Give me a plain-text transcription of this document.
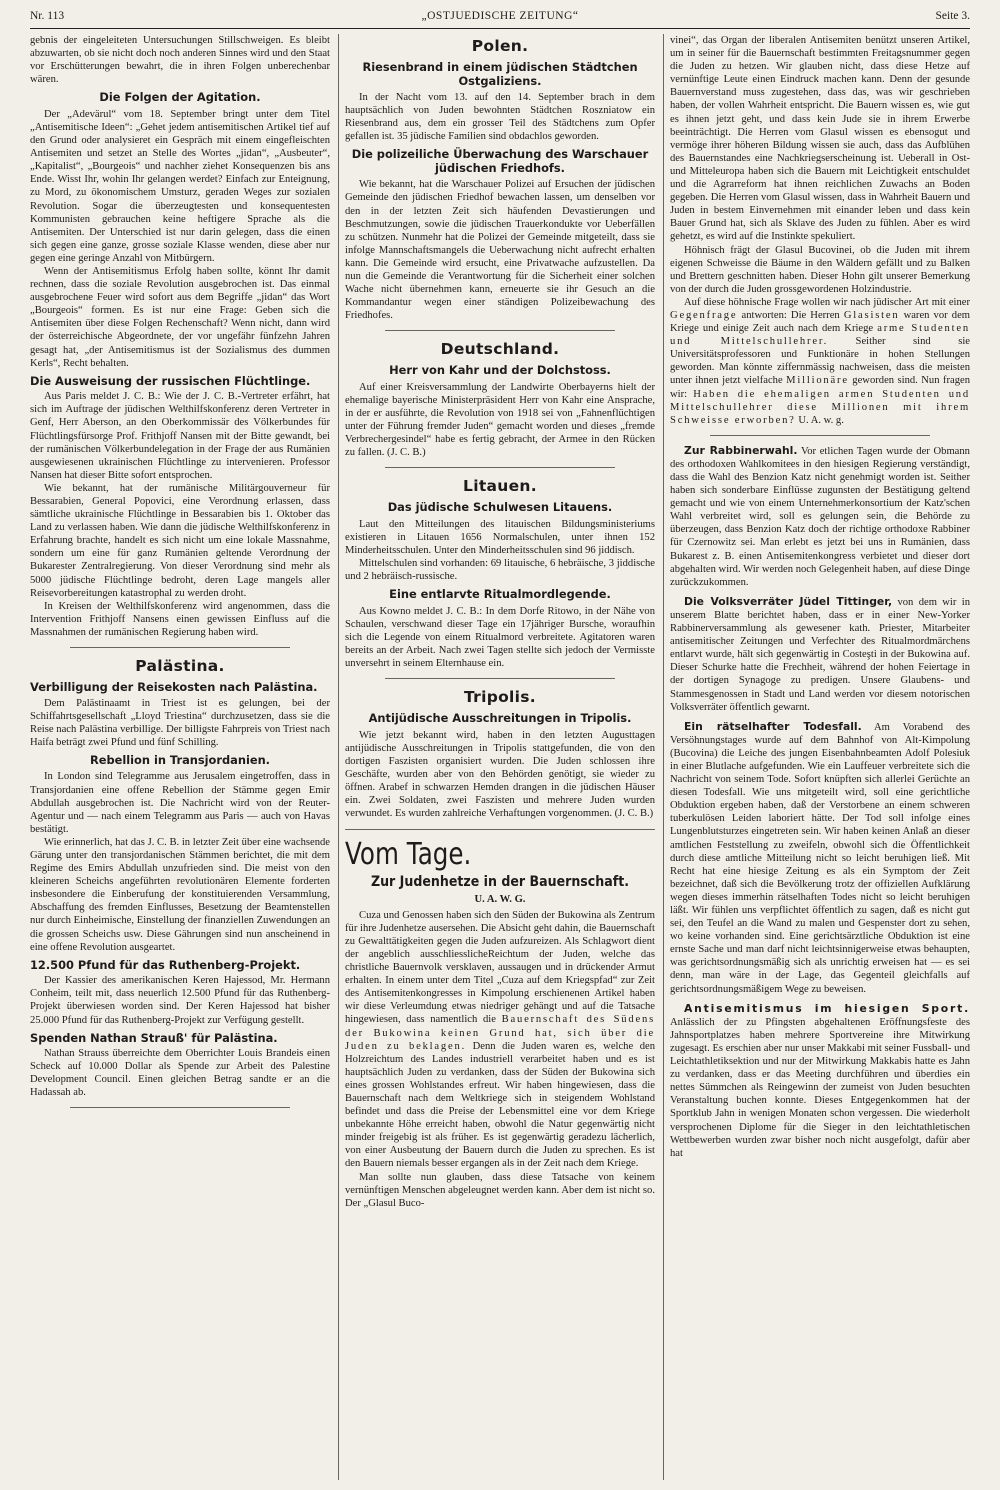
Nr. 113	„OSTJUEDISCHE ZEITUNG“	Seite 3.

gebnis der eingeleiteten Untersuchungen Stillschweigen. Es bleibt abzuwarten, ob sie nicht doch noch anderen Sinnes wird und den Staat vor Erschütterungen bewahrt, die in ihren Folgen unberechenbar wären.

Die Folgen der Agitation.

Der „Adevärul“ vom 18. September bringt unter dem Titel „Antisemitische Ideen“: „Gehet jedem antisemitischen Artikel tief auf den Grund oder analysieret ein Gespräch mit einem eingefleischten Antisemiten und setzet an Stelle des Wortes „jidan“, „Ausbeuter“, „Kapitalist“, „Bourgeois“ und nachher ziehet Konsequenzen bis ans Ende. Wisst Ihr, wohin Ihr gelangen werdet? Einfach zur Enteignung, zu Mord, zu ökonomischem Umsturz, geraden Weges zur sozialen Revolution. Sogar die überzeugtesten und konsequentesten Kommunisten gebrauchen keine heftigere Sprache als die Antisemiten. Der Unterschied ist nur darin gelegen, dass die einen sich gegen eine ganze, grosse soziale Klasse wenden, diese aber nur gegen eine geringe Anzahl von Mitbürgern.

Wenn der Antisemitismus Erfolg haben sollte, könnt Ihr damit rechnen, dass die soziale Revolution ausgebrochen ist. Das einmal ausgebrochene Feuer wird sofort aus dem Begriffe „jidan“ das Wort „Bourgeois“ formen. Es ist nur eine Frage: Geben sich die Antisemiten über diese Folgen Rechenschaft? Wenn nicht, dann wird der österreichische Abgeordnete, der vor ungefähr fünfzehn Jahren gesagt hat, „der Antisemitismus ist der Sozialismus des dummen Kerls“, Recht behalten.

Die Ausweisung der russischen Flüchtlinge.

Aus Paris meldet J. C. B.: Wie der J. C. B.-Vertreter erfährt, hat sich im Auftrage der jüdischen Welthilfskonferenz deren Vertreter in Genf, Herr Aberson, an den Oberkommissär des Völkerbundes für Flüchtlingsfürsorge Prof. Frithjoff Nansen mit der Bitte gewandt, bei der rumänischen Völkerbundelegation in der Frage der aus Rumänien ausgewiesenen ukrainischen Flüchtlinge zu intervenieren. Professor Nansen hat dieser Bitte sofort entsprochen.

Wie bekannt, hat der rumänische Militärgouverneur für Bessarabien, General Popovici, eine Verordnung erlassen, dass sämtliche ukrainische Flüchtlinge in Bessarabien bis 1. Oktober das Land zu verlassen haben. Wie dann die jüdische Welthilfskonferenz in Erfahrung brachte, handelt es sich nicht um eine lokale Massnahme, sondern um eine für ganz Rumänien geltende Verordnung der Bukarester Zentralregierung. Von dieser Verordnung sind mehr als 5000 jüdische Flüchtlinge bedroht, deren Lage mangels aller Reisevorbereitungen katastrophal zu werden droht.

In Kreisen der Welthilfskonferenz wird angenommen, dass die Intervention Frithjoff Nansens einen gewissen Einfluss auf die Massnahmen der rumänischen Regierung haben wird.

Palästina.
Verbilligung der Reisekosten nach Palästina.

Dem Palästinaamt in Triest ist es gelungen, bei der Schiffahrtsgesellschaft „Lloyd Triestina“ durchzusetzen, dass sie die Reise nach Palästina verbillige. Der billigste Fahrpreis von Triest nach Haifa beträgt zwei Pfund und fünf Schilling.

Rebellion in Transjordanien.

In London sind Telegramme aus Jerusalem eingetroffen, dass in Transjordanien eine offene Rebellion der Stämme gegen Emir Abdullah ausgebrochen ist. Die Nachricht wird von der Reuter-Agentur und — nach einem Telegramm aus Paris — auch von Havas bestätigt.

Wie erinnerlich, hat das J. C. B. in letzter Zeit über eine wachsende Gärung unter den transjordanischen Stämmen berichtet, die mit dem Regime des Emirs Abdullah unzufrieden sind. Die meist von den kleineren Scheichs angeführten revolutionären Elemente forderten insbesondere die Einberufung der konstituierenden Versammlung, Abschaffung des fremden Einflusses, Besetzung der Beamtenstellen nur durch Einheimische, Einstellung der finanziellen Zuwendungen an die grossen Scheichs usw. Diese Gährungen sind nun anscheinend in eine offene Revolution ausgeartet.

12.500 Pfund für das Ruthenberg-Projekt.

Der Kassier des amerikanischen Keren Hajessod, Mr. Hermann Conheim, teilt mit, dass neuerlich 12.500 Pfund für das Ruthenberg-Projekt überwiesen worden sind. Der Keren Hajessod hat bisher 25.000 Pfund für das Ruthenberg-Projekt zur Verfügung gestellt.

Spenden Nathan Strauß' für Palästina.

Nathan Strauss überreichte dem Oberrichter Louis Brandeis einen Scheck auf 10.000 Dollar als Spende zur Arbeit des Palestine Development Council. Einen gleichen Betrag sandte er an die Hadassah ab.

Polen.
Riesenbrand in einem jüdischen Städtchen Ostgaliziens.

In der Nacht vom 13. auf den 14. September brach in dem hauptsächlich von Juden bewohnten Städtchen Roszniatow ein Riesenbrand aus, dem ein grosser Teil des Städtchens zum Opfer gefallen ist. 35 jüdische Familien sind obdachlos geworden.

Die polizeiliche Überwachung des Warschauer jüdischen Friedhofs.

Wie bekannt, hat die Warschauer Polizei auf Ersuchen der jüdischen Gemeinde den jüdischen Friedhof bewachen lassen, um denselben vor den in der letzten Zeit sich häufenden Devastierungen und Beschmutzungen, sowie die jüdischen Trauerkondukte vor Ueberfällen zu schützen. Nunmehr hat die Polizei der Gemeinde mitgeteilt, dass sie infolge Mannschaftsmangels die Ueberwachung nicht aufrecht erhalten kann. Die Gemeinde wird ersucht, eine Privatwache aufzustellen. Da nun die Gemeinde die Verantwortung für die Sicherheit einer solchen Wache nicht übernehmen kann, erneuerte sie ihr Gesuch an die Kommandantur wegen einer ständigen Polizeibewachung des Friedhofes.

Deutschland.
Herr von Kahr und der Dolchstoss.

Auf einer Kreisversammlung der Landwirte Oberbayerns hielt der ehemalige bayerische Ministerpräsident Herr von Kahr eine Ansprache, in der er ausführte, die Revolution von 1918 sei von „Fahnenflüchtigen unter der Führung fremder Juden“ gemacht worden und dieses „fremde Verbrechergesindel“ habe es fertig gebracht, der Armee in den Rücken zu fallen. (J. C. B.)

Litauen.
Das jüdische Schulwesen Litauens.

Laut den Mitteilungen des litauischen Bildungsministeriums existieren in Litauen 1656 Normalschulen, unter ihnen 152 Minderheitsschulen. Unter den Minderheitsschulen sind 96 jiddisch.

Mittelschulen sind vorhanden: 69 litauische, 6 hebräische, 3 jiddische und 2 hebräisch-russische.

Eine entlarvte Ritualmordlegende.

Aus Kowno meldet J. C. B.: In dem Dorfe Ritowo, in der Nähe von Schaulen, verschwand dieser Tage ein 17jähriger Bursche, woraufhin sich die Legende von einem Ritualmord verbreitete. Agitatoren waren bereits an der Arbeit. Nach zwei Tagen stellte sich jedoch der Vermisste unversehrt in seinem Elternhause ein.

Tripolis.
Antijüdische Ausschreitungen in Tripolis.

Wie jetzt bekannt wird, haben in den letzten Augusttagen antijüdische Ausschreitungen in Tripolis stattgefunden, die von den dortigen Faszisten organisiert wurden. Die Juden schlossen ihre Geschäfte, wurden aber von den Behörden genötigt, sie wieder zu öffnen. Arabef in schwarzen Hemden drangen in die jüdischen Häuser ein. Zwei Soldaten, zwei Faszisten und mehrere Juden wurden verwundet. Es wurden zahlreiche Verhaftungen vorgenommen. (J. C. B.)

Vom Tage.
Zur Judenhetze in der Bauernschaft.
U. A. W. G.

Cuza und Genossen haben sich den Süden der Bukowina als Zentrum für ihre Judenhetze ausersehen. Die Absicht geht dahin, die Bauernschaft zu Gewalttätigkeiten gegen die Juden aufzureizen. Als Schlagwort dient der angeblich ausschliesslicheReichtum der Juden, welche das christliche Bauernvolk versklaven, aussaugen und in drückender Armut erhalten. In einem unter dem Titel „Cuza auf dem Kriegspfad“ zur Zeit des Antisemitenkongresses in Kimpolung erschienenen Artikel haben wir diese Verleumdung etwas niedriger gehängt und auf die Tatsache hingewiesen, dass namentlich die Bauernschaft des Südens der Bukowina keinen Grund hat, sich über die Juden zu beklagen. Denn die Juden waren es, welche den Holzreichtum des Landes industriell verarbeitet haben und es ist hauptsächlich Juden zu verdanken, dass der Süden der Bukowina sich eines grossen Wohlstandes erfreut. Wir haben hingewiesen, dass die Bauernschaft nach dem Weltkriege sich in steigendem Wohlstand befindet und dass die Preise der Lebensmittel eine vor dem Kriege unbekannte Höhe erreicht haben, obwohl die Natur gegenwärtig nicht minder freigebig ist als früher. Es ist gegenwärtig geradezu lächerlich, von einer Ausbeutung der Bauern durch die Juden zu sprechen. Es ist den Bauern niemals besser ergangen als in der Zeit nach dem Kriege.

Man sollte nun glauben, dass diese Tatsache von keinem vernünftigen Menschen abgeleugnet werden kann. Aber dem ist nicht so. Der „Glasul Buco-

vinei“, das Organ der liberalen Antisemiten benützt unseren Artikel, um in seiner für die Bauernschaft bestimmten Freitagsnummer gegen die Juden zu hetzen. Wir glauben nicht, dass diese Hetze auf vernünftige Leute einen Eindruck machen kann. Denn der gesunde Bauernverstand muss zugestehen, dass das, was wir geschrieben haben, der vollen Wahrheit entspricht. Die Bauern wissen es, wie gut es ihnen jetzt geht, und dass kein Jude sie in ihrem Erwerbe beeinträchtigt. Die Herren vom Glasul wissen es ebensogut und vermöge ihrer höheren Bildung wissen sie auch, dass das Aufblühen des Bauernstandes eine Nachkriegserscheinung ist. Ueberall in Ost- und Mitteleuropa haben sich die Bauern mit Leichtigkeit entschuldet und die Agrarreform hat ihnen reichlichen Zuwachs an Boden gegeben. Die Herren vom Glasul wissen, dass in Wahrheit Bauern und Juden in bestem Einvernehmen mit einander leben und dass kein Bauer Grund hat, sich als Sklave des Juden zu fühlen. Aber es wird gehetzt, es wird auf die Instinkte spekuliert.

Höhnisch frägt der Glasul Bucovinei, ob die Juden mit ihrem eigenen Schweisse die Bäume in den Wäldern gefällt und zu Balken und Brettern geschnitten haben. Dieser Hohn gilt unserer Bemerkung von der durch die Juden grossgewordenen Holzindustrie.

Auf diese höhnische Frage wollen wir nach jüdischer Art mit einer Gegenfrage antworten: Die Herren Glasisten waren vor dem Kriege und einige Zeit auch nach dem Kriege arme Studenten und Mittelschullehrer.	Seither sind sie Universitätsprofessoren und Funktionäre in hohen Stellungen geworden. Man könnte ziffernmässig nachweisen, dass die meisten unter ihnen jetzt vielfache Millionäre geworden sind. Nun fragen wir: Haben die ehemaligen armen Studenten und Mittelschullehrer diese Millionen mit ihrem Schweisse erworben? U. A. w. g.

Zur Rabbinerwahl. Vor etlichen Tagen wurde der Obmann des orthodoxen Wahlkomitees in den hiesigen Regierung verständigt, dass die Wahl des Benzion Katz nicht genehmigt worden ist. Seither haben sich sonderbare Einflüsse zugunsten der Bestätigung geltend gemacht und wie von einem Unternehmerkonsortium der Katz'schen Wahl verbreitet wird, soll es gelungen sein, die Behörde zu überzeugen, dass Benzion Katz doch der richtige orthodoxe Rabbiner für Czernowitz sei. Man erlebt es jetzt bei uns in Rumänien, dass Bukarest z. B. einen Antisemitenkongress verbietet und dieser dort abgehalten wird. Wir werden noch Gelegenheit haben, auf diese Dinge zurückzukommen.

Die Volksverräter Jüdel Tittinger, von dem wir in unserem Blatte berichtet haben, dass er in einer New-Yorker Rabbinerversammlung als gewesener kath. Priester, Mitarbeiter antisemitischer Zeitungen und Verfechter des Ritualmordmärchens entlarvt wurde, hält sich gegenwärtig in Costeşti in der Bukowina auf. Dieser Schurke hatte die Frechheit, während der hohen Feiertage in der dortigen Synagoge zu predigen. Unsere Glaubens- und Stammesgenossen in Stadt und Land werden vor diesem notorischen Volksverräter öffentlich gewarnt.

Ein rätselhafter Todesfall. Am Vorabend des Versöhnungstages wurde auf dem Bahnhof von Alt-Kimpolung (Bucovina) die Leiche des jungen Eisenbahnbeamten Adolf Polesiuk in einer Blutlache aufgefunden. Wie ein Lauffeuer verbreitete sich die Nachricht von seinem Tode. Sofort knüpften sich allerlei Gerüchte an diesen Todesfall. Wie uns mitgeteilt wird, soll eine gerichtliche Obduktion ergeben haben, daß der Verstorbene an einem schweren tuberkulösen Leiden laboriert hätte. Der Tod soll infolge eines Lungenblutsturzes eingetreten sein. Wir haben keinen Anlaß an dieser amtlichen Feststellung zu zweifeln, obwohl sich die Öffentlichkeit durch diese amtliche Mitteilung nicht so leicht beruhigen ließ. Mit Recht hat eine hiesige Zeitung es als ein Symptom der Zeit bezeichnet, daß sich die Bevölkerung trotz der offiziellen Aufklärung wegen dieses immerhin rätselhaften Todes nicht so leicht beruhigen läßt. Wir fühlen uns verpflichtet öffentlich zu sagen, daß es nicht gut sei, den Teufel an die Wand zu malen und Gespenster dort zu sehen, wo keine vorhanden sind. Eine gerichtsärztliche Obduktion ist eine ernste Sache und man darf nicht leichtsinnigerweise etwas behaupten, was gerichtsordnungsmäßig sich als unrichtig erweisen hat — es sei denn, man wäre in der Lage, das Gegenteil gleichfalls auf gerichtsordnungsmäßigem Wege zu beweisen.

Antisemitismus im hiesigen Sport. Anlässlich der zu Pfingsten abgehaltenen Eröffnungsfeste des Jahnsportplatzes haben mehrere Sportvereine ihre Mitwirkung zugesagt. Es erschien aber nur unser Makkabi mit seiner Fussball- und Leichtathletiksektion und nur der Mitwirkung Makkabis hatte es Jahn zu verdanken, dass er das Meeting durchführen und überdies ein nettes Sümmchen als Reingewinn der zumeist von Juden besuchten Veranstaltung buchen konnte. Dieses Entgegenkommen hat der Sportklub Jahn in wenigen Monaten schon vergessen. Die wiederholt versprochenen Diplome für die Sieger in den leichtathletischen Wettbewerben wurden zwar bisher noch nicht ausgefolgt, dafür aber hat
